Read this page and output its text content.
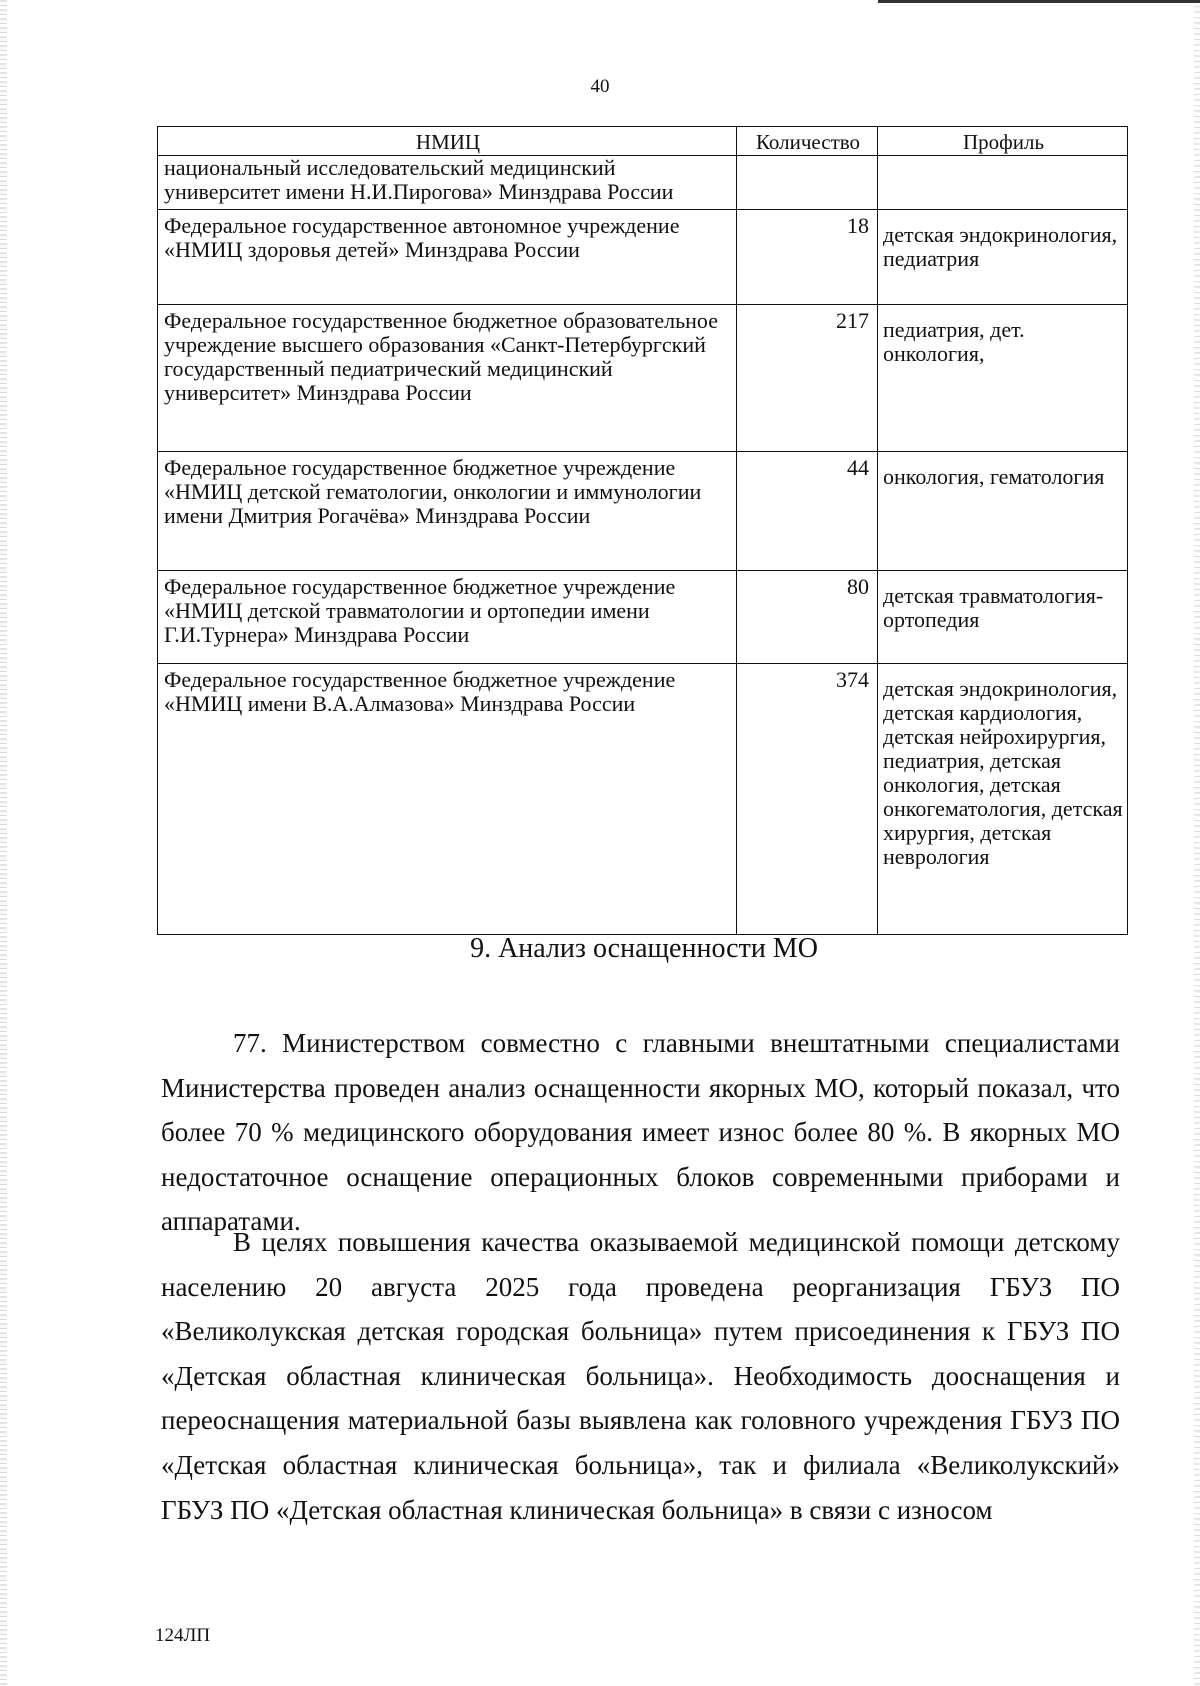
40
НМИЦ	Количество	Профиль
национальный исследовательский медицинский университет имени Н.И.Пирогова» Минздрава России		
Федеральное государственное автономное учреждение «НМИЦ здоровья детей» Минздрава России	18	детская эндокринология, педиатрия
Федеральное государственное бюджетное образовательное учреждение высшего образования «Санкт-Петербургский государственный педиатрический медицинский университет» Минздрава России	217	педиатрия, дет. онкология,
Федеральное государственное бюджетное учреждение «НМИЦ детской гематологии, онкологии и иммунологии имени Дмитрия Рогачёва» Минздрава России	44	онкология, гематология
Федеральное государственное бюджетное учреждение «НМИЦ детской травматологии и ортопедии имени Г.И.Турнера» Минздрава России	80	детская травматология-ортопедия
Федеральное государственное бюджетное учреждение «НМИЦ имени В.А.Алмазова» Минздрава России	374	детская эндокринология, детская кардиология, детская нейрохирургия, педиатрия, детская онкология, детская онкогематология, детская хирургия, детская неврология
9. Анализ оснащенности МО

77. Министерством совместно с главными внештатными специалистами Министерства проведен анализ оснащенности якорных МО, который показал, что более 70 % медицинского оборудования имеет износ более 80 %. В якорных МО недостаточное оснащение операционных блоков современными приборами и аппаратами.

В целях повышения качества оказываемой медицинской помощи детскому населению 20 августа 2025 года проведена реорганизация ГБУЗ ПО «Великолукская детская городская больница» путем присоединения к ГБУЗ ПО «Детская областная клиническая больница». Необходимость дооснащения и переоснащения материальной базы выявлена как головного учреждения ГБУЗ ПО «Детская областная клиническая больница», так и филиала «Великолукский» ГБУЗ ПО «Детская областная клиническая больница» в связи с износом

124ЛП
